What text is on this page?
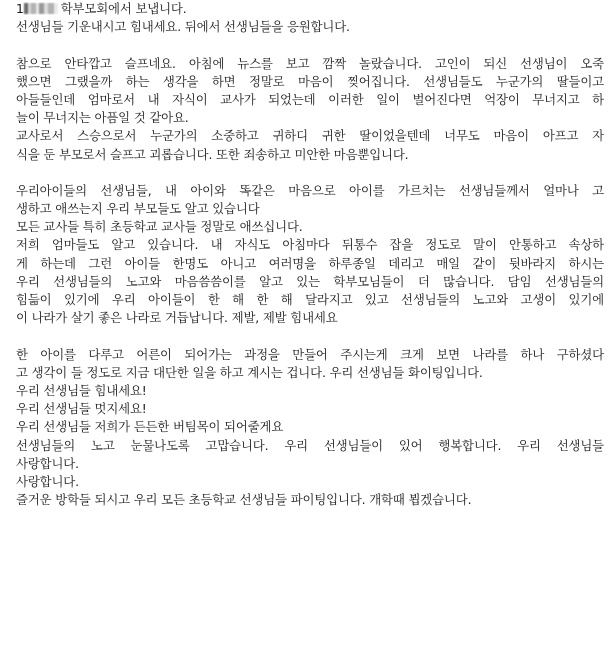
1	학부모회에서 보냅니다.
선생님들 기운내시고 힘내세요. 뒤에서 선생님들을 응원합니다.
참으로 안타깝고 슬프네요. 아침에 뉴스를 보고 깜짝 놀랐습니다. 고인이 되신 선생님이 오죽
했으면 그랬을까 하는 생각을 하면 정말로 마음이 찢어집니다. 선생님들도 누군가의 딸들이고
아들들인데 엄마로서 내 자식이 교사가 되었는데 이러한 일이 벌어진다면 억장이 무너지고 하
늘이 무너지는 아픔일 것 같아요.
교사로서 스승으로서 누군가의 소중하고 귀하디 귀한 딸이었을텐데 너무도 마음이 아프고 자
식을 둔 부모로서 슬프고 괴롭습니다. 또한 죄송하고 미안한 마음뿐입니다.
우리아이들의 선생님들, 내 아이와 똑같은 마음으로 아이를 가르치는 선생님들께서 얼마나 고
생하고 애쓰는지 우리 부모들도 알고 있습니다
모든 교사들 특히 초등학교 교사들 정말로 애쓰십니다.
저희 엄마들도 알고 있습니다. 내 자식도 아침마다 뒤통수 잡을 정도로 말이 안통하고 속상하
게 하는데 그런 아이들 한명도 아니고 여러명을 하루종일 데리고 매일 같이 뒷바라지 하시는
우리 선생님들의 노고와 마음씀씀이를 알고 있는 학부모님들이 더 많습니다. 담임 선생님들의
힘듦이 있기에 우리 아이들이 한 해 한 해 달라지고 있고 선생님들의 노고와 고생이 있기에
이 나라가 살기 좋은 나라로 거듭납니다. 제발, 제발 힘내세요
한 아이를 다루고 어른이 되어가는 과정을 만들어 주시는게 크게 보면 나라를 하나 구하셨다
고 생각이 들 정도로 지금 대단한 일을 하고 계시는 겁니다. 우리 선생님들 화이팅입니다.
우리 선생님들 힘내세요!
우리 선생님들 멋지세요!
우리 선생님들 저희가 든든한 버팀목이 되어줄게요
선생님들의 노고 눈물나도록 고맙습니다. 우리 선생님들이 있어 행복합니다. 우리 선생님들
사랑합니다.
사랑합니다.
즐거운 방학들 되시고 우리 모든 초등학교 선생님들 파이팅입니다. 개학때 뵙겠습니다.
